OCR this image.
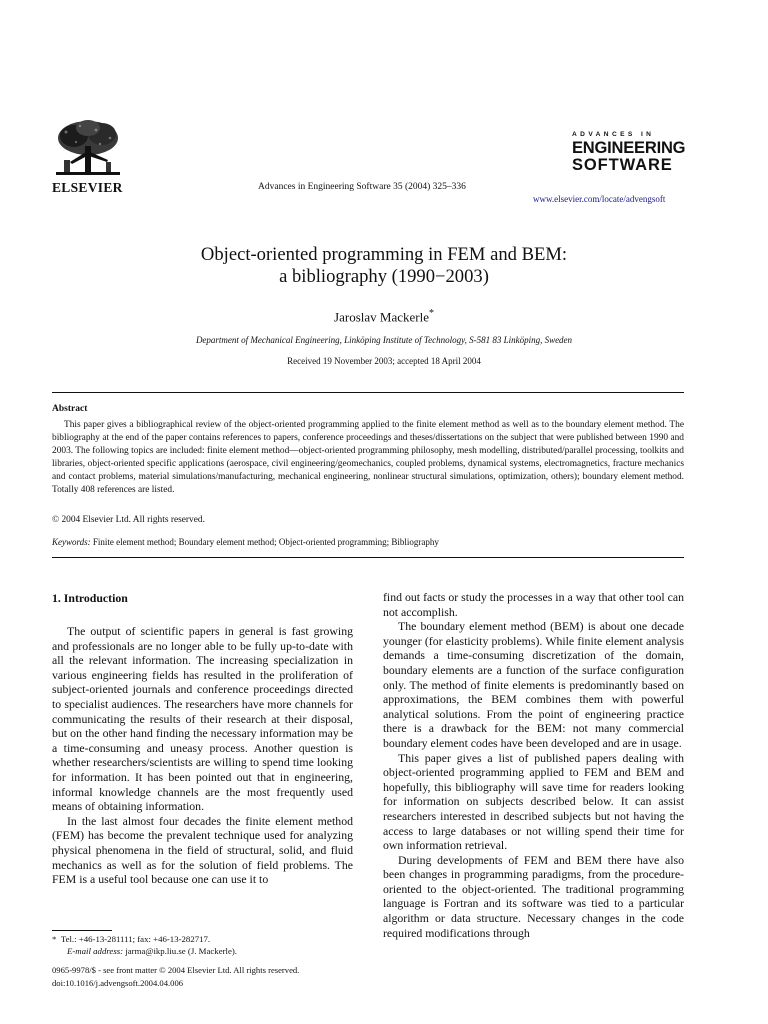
ELSEVIER	Advances in Engineering Software 35 (2004) 325–336
ADVANCES IN
ENGINEERING
SOFTWARE
www.elsevier.com/locate/advengsoft
Object-oriented programming in FEM and BEM:
a bibliography (1990−2003)
Jaroslav Mackerle*
Department of Mechanical Engineering, Linköping Institute of Technology, S-581 83 Linköping, Sweden
Received 19 November 2003; accepted 18 April 2004
Abstract
This paper gives a bibliographical review of the object-oriented programming applied to the finite element method as well as to the boundary element method. The bibliography at the end of the paper contains references to papers, conference proceedings and theses/dissertations on the subject that were published between 1990 and 2003. The following topics are included: finite element method—object-oriented programming philosophy, mesh modelling, distributed/parallel processing, toolkits and libraries, object-oriented specific applications (aerospace, civil engineering/geomechanics, coupled problems, dynamical systems, electromagnetics, fracture mechanics and contact problems, material simulations/manufacturing, mechanical engineering, nonlinear structural simulations, optimization, others); boundary element method. Totally 408 references are listed.
© 2004 Elsevier Ltd. All rights reserved.
Keywords: Finite element method; Boundary element method; Object-oriented programming; Bibliography
1. Introduction

The output of scientific papers in general is fast growing and professionals are no longer able to be fully up-to-date with all the relevant information. The increasing specialization in various engineering fields has resulted in the proliferation of subject-oriented journals and conference proceedings directed to specialist audiences. The researchers have more channels for communicating the results of their research at their disposal, but on the other hand finding the necessary information may be a time-consuming and uneasy process. Another question is whether researchers/scientists are willing to spend time looking for information. It has been pointed out that in engineering, informal knowledge channels are the most frequently used means of obtaining information.

In the last almost four decades the finite element method (FEM) has become the prevalent technique used for analyzing physical phenomena in the field of structural, solid, and fluid mechanics as well as for the solution of field problems. The FEM is a useful tool because one can use it to

find out facts or study the processes in a way that other tool can not accomplish.

The boundary element method (BEM) is about one decade younger (for elasticity problems). While finite element analysis demands a time-consuming discretization of the domain, boundary elements are a function of the surface configuration only. The method of finite elements is predominantly based on approximations, the BEM combines them with powerful analytical solutions. From the point of engineering practice there is a drawback for the BEM: not many commercial boundary element codes have been developed and are in usage.

This paper gives a list of published papers dealing with object-oriented programming applied to FEM and BEM and hopefully, this bibliography will save time for readers looking for information on subjects described below. It can assist researchers interested in described subjects but not having the access to large databases or not willing spend their time for own information retrieval.

During developments of FEM and BEM there have also been changes in programming paradigms, from the procedure-oriented to the object-oriented. The traditional programming language is Fortran and its software was tied to a particular algorithm or data structure. Necessary changes in the code required modifications through

* Tel.: +46-13-281111; fax: +46-13-282717.
E-mail address: jarma@ikp.liu.se (J. Mackerle).
0965-9978/$ - see front matter © 2004 Elsevier Ltd. All rights reserved.
doi:10.1016/j.advengsoft.2004.04.006
